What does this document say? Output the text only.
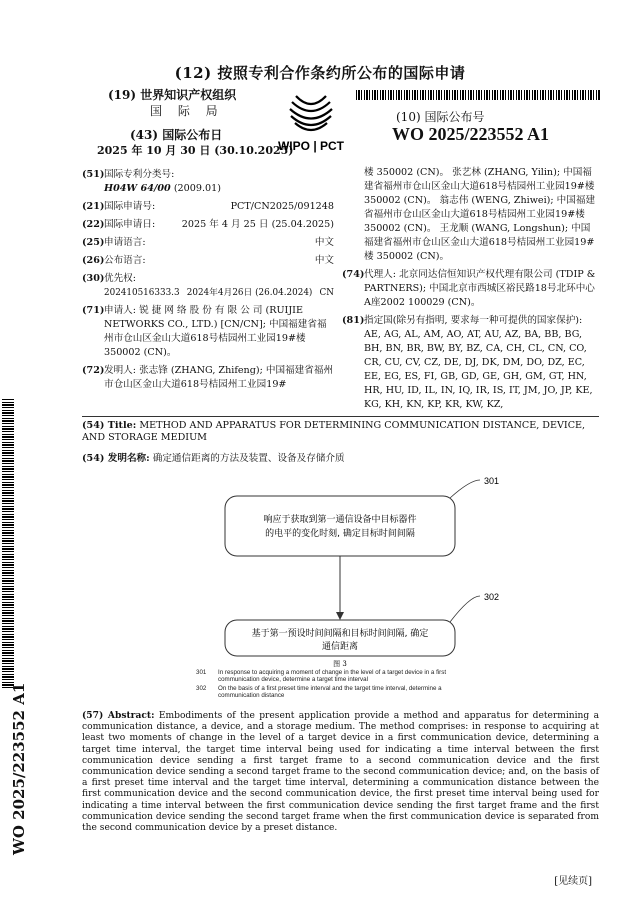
(12) 按照专利合作条约所公布的国际申请
(19) 世界知识产权组织
国 际 局
(43) 国际公布日
2025 年 10 月 30 日 (30.10.2025)
WIPO | PCT
(10) 国际公布号
WO 2025/223552 A1
WO 2025/223552 A1
(51) 国际专利分类号:
H04W 64/00 (2009.01)
(21) 国际申请号:	PCT/CN2025/091248
(22) 国际申请日:	2025 年 4 月 25 日 (25.04.2025)
(25) 申请语言:	中文
(26) 公布语言:	中文
(30) 优先权:

202410516333.3 2024年4月26日 (26.04.2024) CN
(71) 申请人: 锐 捷 网 络 股 份 有 限 公 司 (RUIJIE NETWORKS CO., LTD.) [CN/CN]; 中国福建省福州市仓山区金山大道618号桔园州工业园19#楼 350002 (CN)。
(72) 发明人: 张志锋 (ZHANG, Zhifeng); 中国福建省福州市仓山区金山大道618号桔园州工业园19#
楼 350002 (CN)。 张艺林 (ZHANG, Yilin); 中国福建省福州市仓山区金山大道618号桔园州工业园19#楼 350002 (CN)。 翁志伟 (WENG, Zhiwei); 中国福建省福州市仓山区金山大道618号桔园州工业园19#楼 350002 (CN)。 王龙顺 (WANG, Longshun); 中国福建省福州市仓山区金山大道618号桔园州工业园19#楼 350002 (CN)。
(74) 代理人: 北京同达信恒知识产权代理有限公司 (TDIP & PARTNERS); 中国北京市西城区裕民路18号北环中心A座2002 100029 (CN)。
(81) 指定国(除另有指明, 要求每一种可提供的国家保护): AE, AG, AL, AM, AO, AT, AU, AZ, BA, BB, BG, BH, BN, BR, BW, BY, BZ, CA, CH, CL, CN, CO, CR, CU, CV, CZ, DE, DJ, DK, DM, DO, DZ, EC, EE, EG, ES, FI, GB, GD, GE, GH, GM, GT, HN, HR, HU, ID, IL, IN, IQ, IR, IS, IT, JM, JO, JP, KE, KG, KH, KN, KP, KR, KW, KZ,
(54) Title: METHOD AND APPARATUS FOR DETERMINING COMMUNICATION DISTANCE, DEVICE, AND STORAGE MEDIUM
(54) 发明名称: 确定通信距离的方法及装置、设备及存储介质
响应于获取到第一通信设备中目标器件
的电平的变化时刻, 确定目标时间间隔
301
基于第一预设时间间隔和目标时间间隔, 确定
通信距离
302
图 3
301 In response to acquiring a moment of change in the level of a target device in a first
communication device, determine a target time interval
302 On the basis of a first preset time interval and the target time interval, determine a
communication distance
(57) Abstract: Embodiments of the present application provide a method and apparatus for determining a communication distance, a device, and a storage medium. The method comprises: in response to acquiring at least two moments of change in the level of a target device in a first communication device, determining a target time interval, the target time interval being used for indicating a time interval between the first communication device sending a first target frame to a second communication device and the first communication device sending a second target frame to the second communication device; and, on the basis of a first preset time interval and the target time interval, determining a communication distance between the first communication device and the second communication device, the first preset time interval being used for indicating a time interval between the first communication device sending the first target frame and the first communication device sending the second target frame when the first communication device is separated from the second communication device by a preset distance.
[见续页]
